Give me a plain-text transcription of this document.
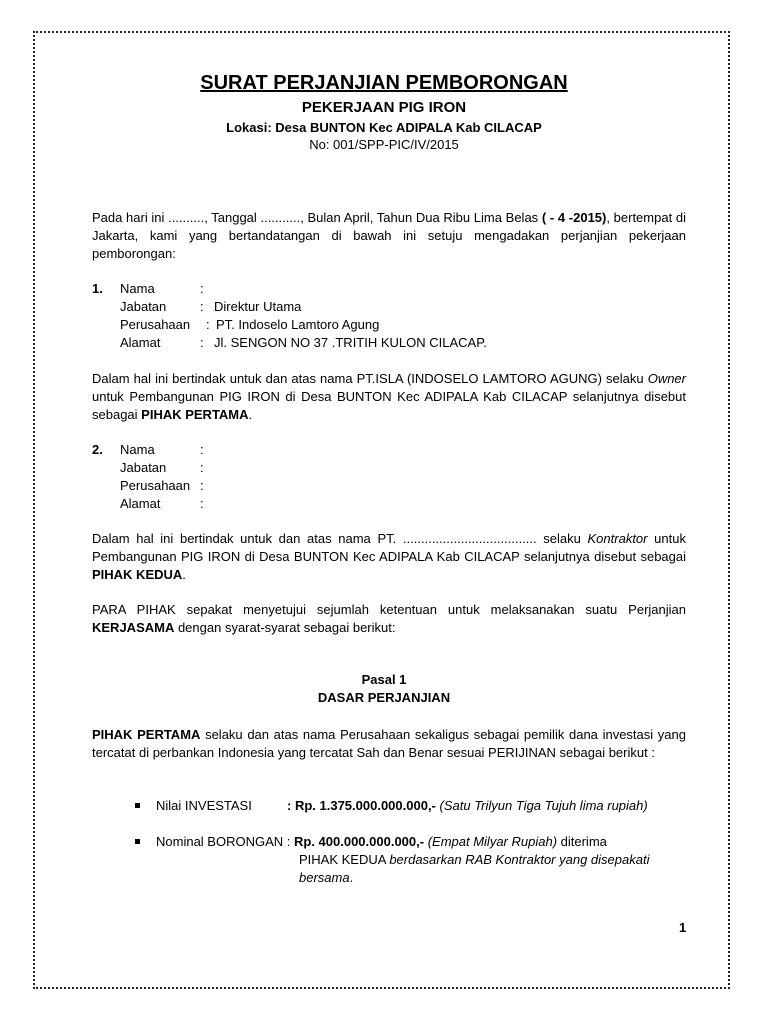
SURAT PERJANJIAN PEMBORONGAN
PEKERJAAN PIG IRON
Lokasi: Desa BUNTON Kec ADIPALA Kab CILACAP
No: 001/SPP-PIC/IV/2015
Pada hari ini .........., Tanggal ..........., Bulan April, Tahun Dua Ribu Lima Belas ( - 4 -2015), bertempat di Jakarta, kami yang bertandatangan di bawah ini setuju mengadakan perjanjian pekerjaan pemborongan:
1.	Nama	:
Jabatan	: Direktur Utama
Perusahaan	: PT. Indoselo Lamtoro Agung
Alamat	: Jl. SENGON NO 37 .TRITIH KULON CILACAP.
Dalam hal ini bertindak untuk dan atas nama PT.ISLA (INDOSELO LAMTORO AGUNG) selaku Owner untuk Pembangunan PIG IRON di Desa BUNTON Kec ADIPALA Kab CILACAP selanjutnya disebut sebagai PIHAK PERTAMA.
2.	Nama	:
Jabatan	:
Perusahaan :
Alamat	:
Dalam hal ini bertindak untuk dan atas nama PT. ..................................... selaku Kontraktor untuk Pembangunan PIG IRON di Desa BUNTON Kec ADIPALA Kab CILACAP selanjutnya disebut sebagai PIHAK KEDUA.
PARA PIHAK sepakat menyetujui sejumlah ketentuan untuk melaksanakan suatu Perjanjian KERJASAMA dengan syarat-syarat sebagai berikut:
Pasal 1
DASAR PERJANJIAN
PIHAK PERTAMA selaku dan atas nama Perusahaan sekaligus sebagai pemilik dana investasi yang tercatat di perbankan Indonesia yang tercatat Sah dan Benar sesuai PERIJINAN sebagai berikut :
Nilai INVESTASI	: Rp. 1.375.000.000.000,- (Satu Trilyun Tiga Tujuh lima rupiah)
Nominal BORONGAN : Rp. 400.000.000.000,- (Empat Milyar Rupiah) diterima
PIHAK KEDUA berdasarkan RAB Kontraktor yang disepakati
bersama.
1
